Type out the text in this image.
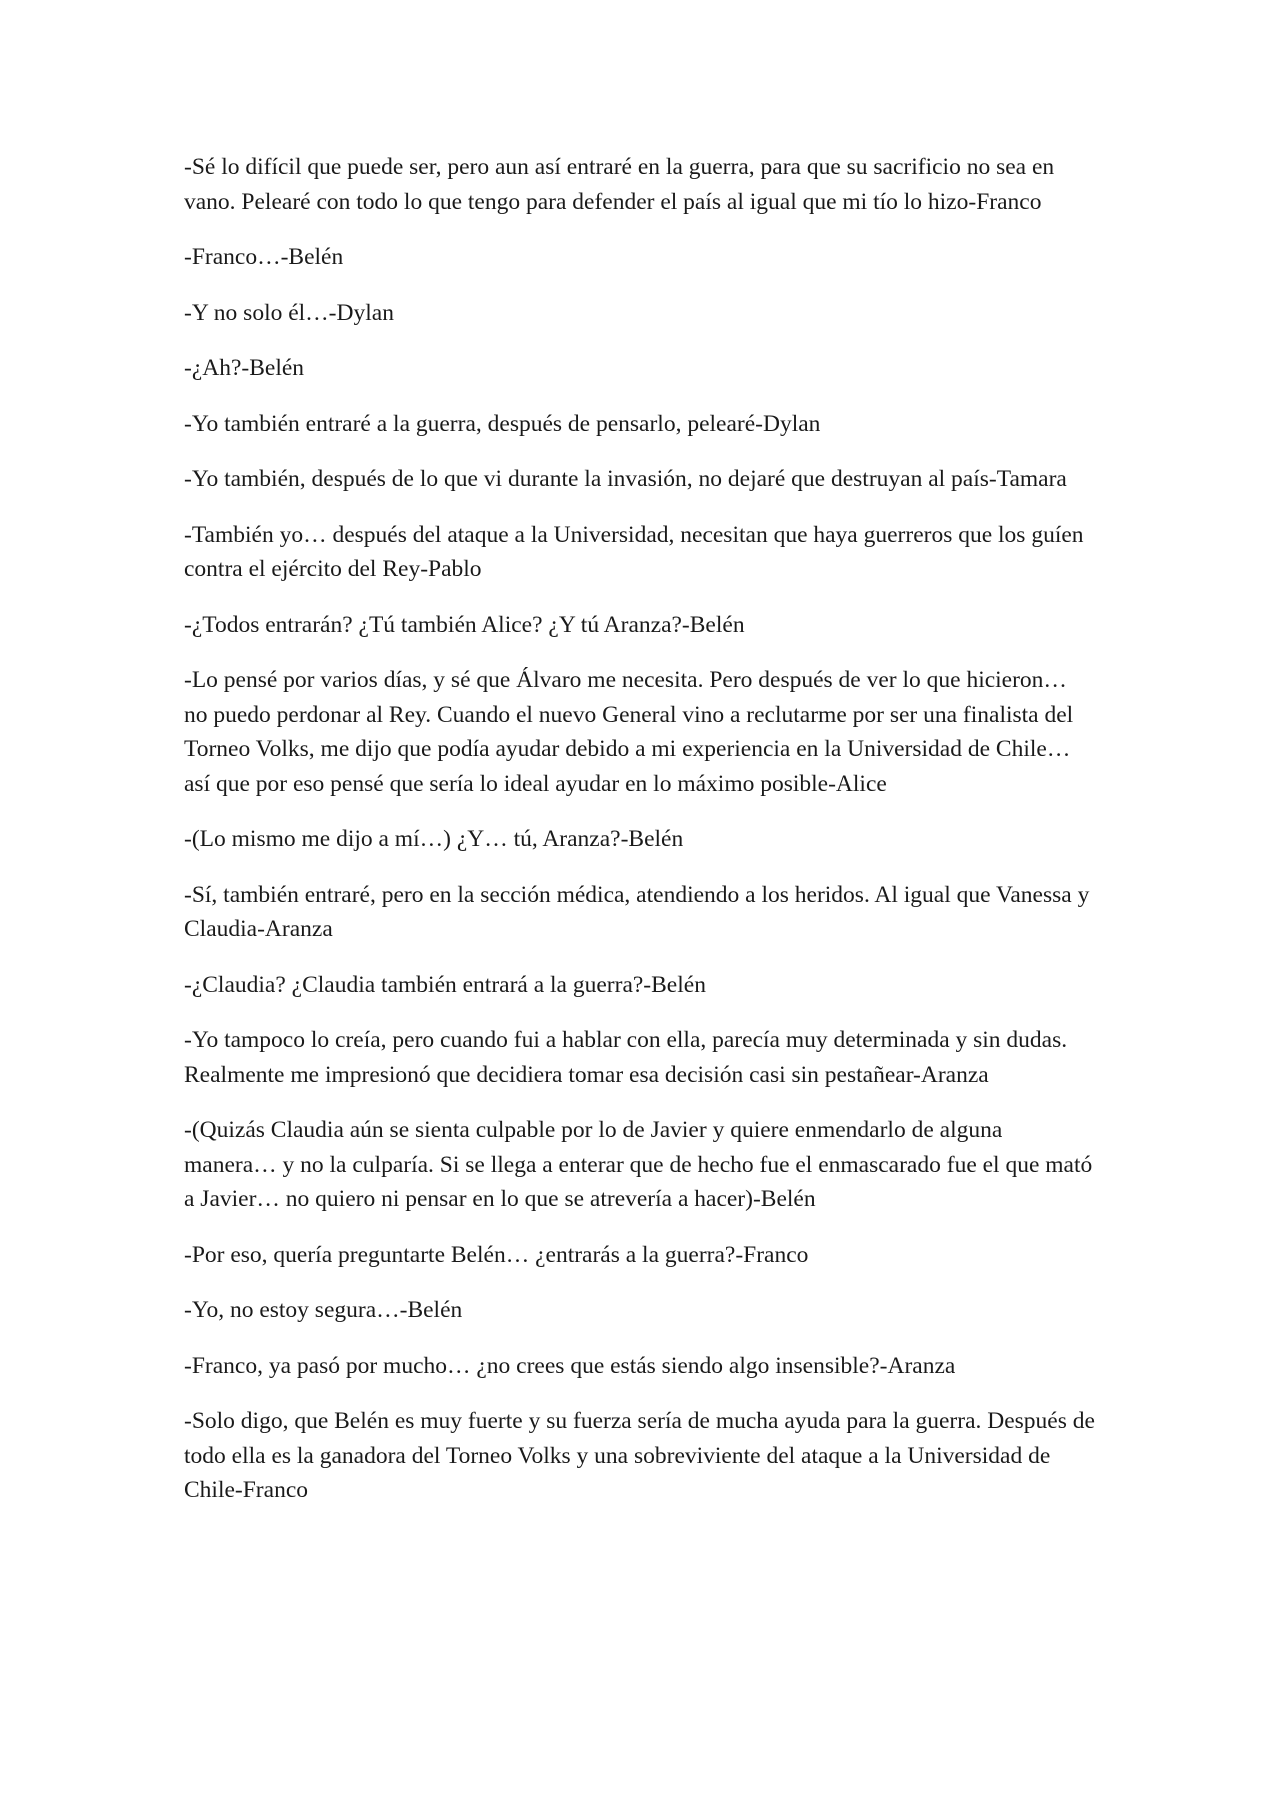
-Sé lo difícil que puede ser, pero aun así entraré en la guerra, para que su sacrificio no sea en vano. Pelearé con todo lo que tengo para defender el país al igual que mi tío lo hizo-Franco

-Franco…-Belén

-Y no solo él…-Dylan

-¿Ah?-Belén

-Yo también entraré a la guerra, después de pensarlo, pelearé-Dylan

-Yo también, después de lo que vi durante la invasión, no dejaré que destruyan al país-Tamara

-También yo… después del ataque a la Universidad, necesitan que haya guerreros que los guíen contra el ejército del Rey-Pablo

-¿Todos entrarán? ¿Tú también Alice? ¿Y tú Aranza?-Belén

-Lo pensé por varios días, y sé que Álvaro me necesita. Pero después de ver lo que hicieron… no puedo perdonar al Rey. Cuando el nuevo General vino a reclutarme por ser una finalista del Torneo Volks, me dijo que podía ayudar debido a mi experiencia en la Universidad de Chile… así que por eso pensé que sería lo ideal ayudar en lo máximo posible-Alice

-(Lo mismo me dijo a mí…) ¿Y… tú, Aranza?-Belén

-Sí, también entraré, pero en la sección médica, atendiendo a los heridos. Al igual que Vanessa y Claudia-Aranza

-¿Claudia? ¿Claudia también entrará a la guerra?-Belén

-Yo tampoco lo creía, pero cuando fui a hablar con ella, parecía muy determinada y sin dudas. Realmente me impresionó que decidiera tomar esa decisión casi sin pestañear-Aranza

-(Quizás Claudia aún se sienta culpable por lo de Javier y quiere enmendarlo de alguna manera… y no la culparía. Si se llega a enterar que de hecho fue el enmascarado fue el que mató a Javier… no quiero ni pensar en lo que se atrevería a hacer)-Belén

-Por eso, quería preguntarte Belén… ¿entrarás a la guerra?-Franco

-Yo, no estoy segura…-Belén

-Franco, ya pasó por mucho… ¿no crees que estás siendo algo insensible?-Aranza

-Solo digo, que Belén es muy fuerte y su fuerza sería de mucha ayuda para la guerra. Después de todo ella es la ganadora del Torneo Volks y una sobreviviente del ataque a la Universidad de Chile-Franco
